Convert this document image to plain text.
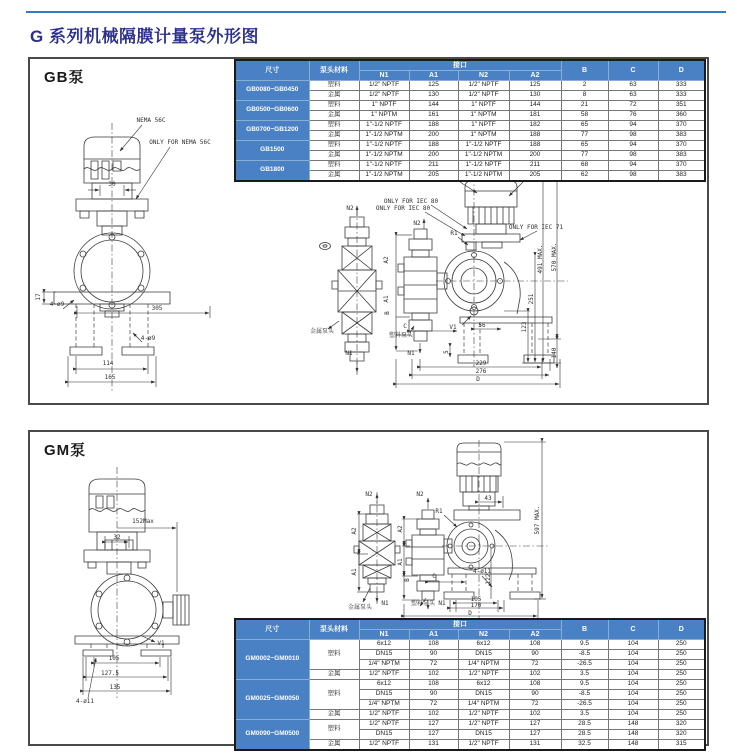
G 系列机械隔膜计量泵外形图
NEMA 56C
ONLY FOR NEMA 56C
30
17
4-ø9
305
4-ø9
114
165
N2
N1
金属泵头
ONLY FOR IEC 80
ONLY FOR IEC 80
ONLY FOR IEC 71
N2
R1
A2
A1
B
C
塑料泵头
V1	56
5
N1
229
276
D
123
251
491 MAX. 570 MAX.
140
GB泵	尺寸	泵头材料	接口				B	C	D
		N1	A1	N2	A2			
GB0080~GB0450	塑料	1/2" NPTF	125	1/2" NPTF	125	2	63	333
	金属	1/2" NPTF	130	1/2" NPTF	130	8	63	333
GB0500~GB0600	塑料	1" NPTF	144	1" NPTF	144	21	72	351
	金属	1" NPTM	161	1" NPTM	181	58	76	360
GB0700~GB1200	塑料	1"-1/2 NPTF	188	1" NPTF	182	65	94	370
	金属	1"-1/2 NPTM	200	1" NPTM	188	77	98	383
GB1500	塑料	1"-1/2 NPTF	188	1"-1/2 NPTF	188	65	94	370
	金属	1"-1/2 NPTM	200	1"-1/2 NPTM	200	77	98	383
GB1800	塑料	1"-1/2 NPTF	211	1"-1/2 NPTF	211	68	94	370
	金属	1"-1/2 NPTM	205	1"-1/2 NPTM	205	62	98	383
152Max
32
V1
105
127.5
135
4-ø11
N2
A2
A1
金属泵头
N1
N2
R1
43
A2
A1
B	C
塑料泵头 N1
4-ø11
122
105
170
D
597 MAX.
GM泵
尺寸	泵头材料	接口				B	C	D
		N1	A1	N2	A2			
GM0002~GM0010	塑料	6x12	108	6x12	108	9.5	104	250
		DN15	90	DN15	90	-8.5	104	250
		1/4" NPTM	72	1/4" NPTM	72	-26.5	104	250
	金属	1/2" NPTF	102	1/2" NPTF	102	3.5	104	250
GM0025~GM0050	塑料	6x12	108	6x12	108	9.5	104	250
		DN15	90	DN15	90	-8.5	104	250
		1/4" NPTM	72	1/4" NPTM	72	-26.5	104	250
	金属	1/2" NPTF	102	1/2" NPTF	102	3.5	104	250
GM0090~GM0500	塑料	1/2" NPTF	127	1/2" NPTF	127	28.5	148	320
		DN15	127	DN15	127	28.5	148	320
	金属	1/2" NPTF	131	1/2" NPTF	131	32.5	148	315
